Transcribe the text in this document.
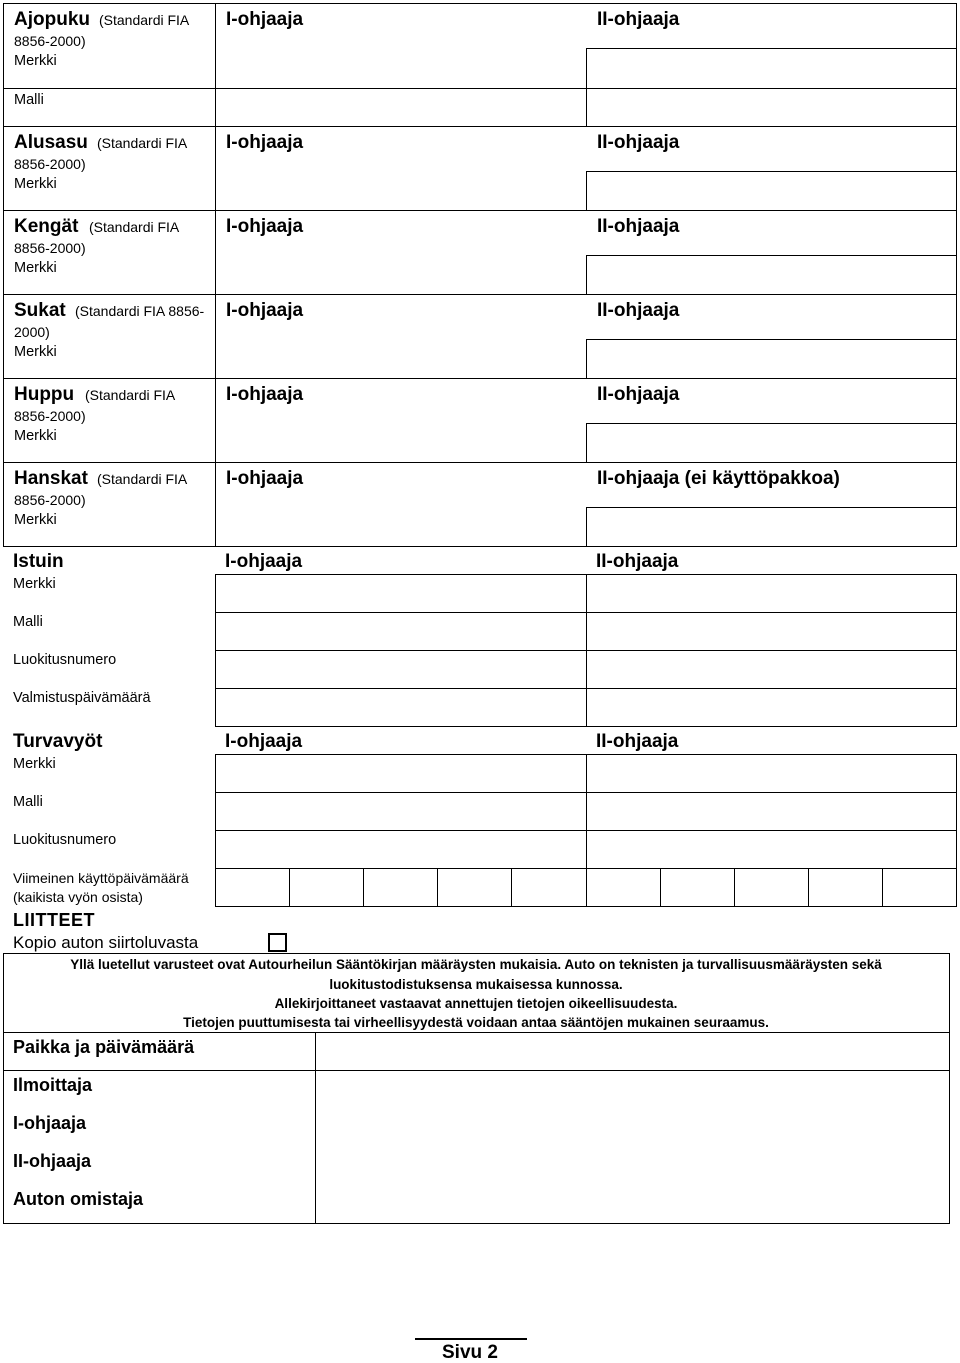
Ajopuku (Standardi FIA
8856-2000)
Merkki
Malli
I-ohjaaja	II-ohjaaja
Alusasu (Standardi FIA
8856-2000)
Merkki
I-ohjaaja	II-ohjaaja
Kengät (Standardi FIA
8856-2000)
Merkki
I-ohjaaja	II-ohjaaja
Sukat (Standardi FIA 8856-
2000)
Merkki
I-ohjaaja	II-ohjaaja
Huppu (Standardi FIA
8856-2000)
Merkki
I-ohjaaja	II-ohjaaja
Hanskat (Standardi FIA
8856-2000)
Merkki
I-ohjaaja	II-ohjaaja (ei käyttöpakkoa)
Istuin	I-ohjaaja	II-ohjaaja
Merkki
Malli
Luokitusnumero
Valmistuspäivämäärä
Turvavyöt	I-ohjaaja	II-ohjaaja
Merkki
Malli
Luokitusnumero
Viimeinen käyttöpäivämäärä
(kaikista vyön osista)
LIITTEET
Kopio auton siirtoluvasta
Yllä luetellut varusteet ovat Autourheilun Sääntökirjan määräysten mukaisia. Auto on teknisten ja turvallisuusmääräysten sekä
luokitustodistuksensa mukaisessa kunnossa.
Allekirjoittaneet vastaavat annettujen tietojen oikeellisuudesta.
Tietojen puuttumisesta tai virheellisyydestä voidaan antaa sääntöjen mukainen seuraamus.
Paikka ja päivämäärä
Ilmoittaja
I-ohjaaja
II-ohjaaja
Auton omistaja
Sivu 2
